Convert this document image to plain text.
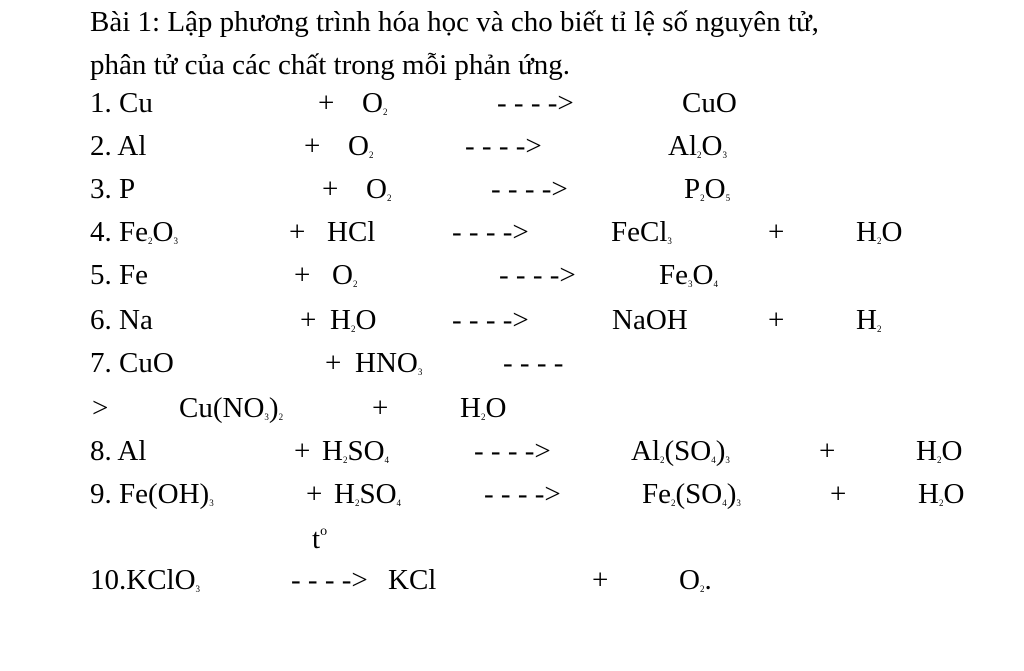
Bài 1: Lập phương trình hóa học và cho biết tỉ lệ số nguyên tử,
phân tử của các chất trong mỗi phản ứng.
1. Cu	+ $O_2$	- - - ->	CuO
2. Al	+ $O_2$	- - - ->	$Al_2O_3$
3. P	+ $O_2$	- - - ->	$P_2O_5$
4. $Fe_2O_3$	+ HCl	- - - ->	FeCl$_3$	+ $H_2O$
5. Fe	+ $O_2$	- - - ->	$Fe_3O_4$
6. Na	+ $H_2O$	- - - ->	NaOH	+ $H_2$
7. CuO	+ $HNO_3$	- - - -
> $Cu(NO_3)_2$	+ $H_2O$
8. Al	+ $H_2SO_4$	- - - ->	$Al_2(SO_4)_3$	+	$H_2O$
9. $Fe(OH)_3$	+ $H_2SO_4$	- - - ->	$Fe_2(SO_4)_3$	+ $H_2O$
$t^o$
10.KClO$_3$	- - - -> KCl	+ $O_2$.
